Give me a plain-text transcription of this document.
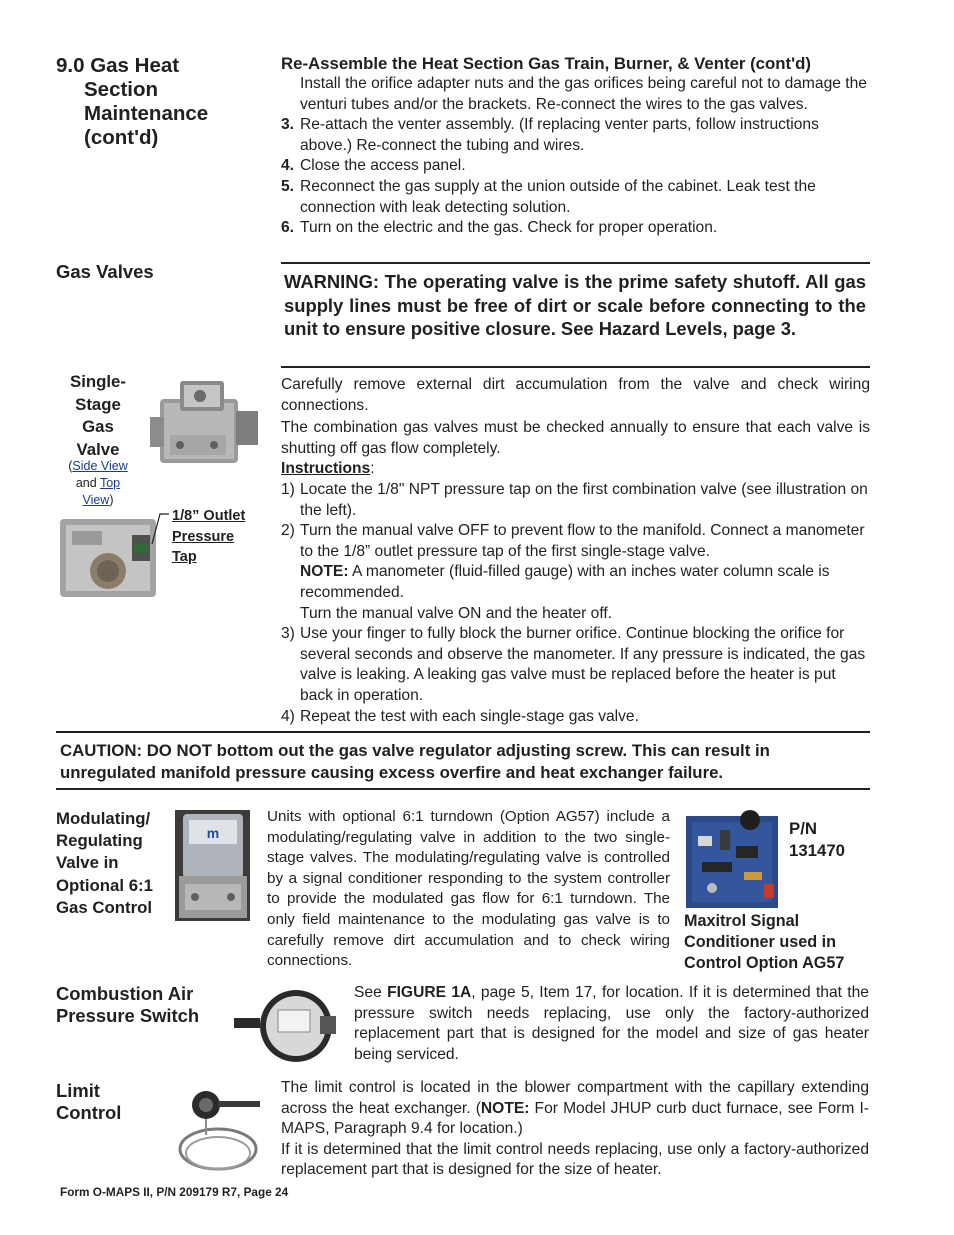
9.0 Gas Heat
Section
Maintenance
(cont'd)
Re-Assemble the Heat Section Gas Train, Burner, & Venter (cont'd)
Install the orifice adapter nuts and the gas orifices being careful not to damage the venturi tubes and/or the brackets. Re-connect the wires to the gas valves.
3. Re-attach the venter assembly. (If replacing venter parts, follow instructions above.) Re-connect the tubing and wires.
4. Close the access panel.
5. Reconnect the gas supply at the union outside of the cabinet. Leak test the connection with leak detecting solution.
6. Turn on the electric and the gas. Check for proper operation.
Gas Valves	WARNING: The operating valve is the prime safety shutoff. All gas supply lines must be free of dirt or scale before connecting to the unit to ensure positive closure. See Hazard Levels, page 3.
Single-
Stage
Gas
Valve
(Side View
and Top
View)
1/8” Outlet
Pressure
Tap
Carefully remove external dirt accumulation from the valve and check wiring connections.
The combination gas valves must be checked annually to ensure that each valve is shutting off gas flow completely.
Instructions:
1) Locate the 1/8" NPT pressure tap on the first combination valve (see illustration on the left).
2) Turn the manual valve OFF to prevent flow to the manifold. Connect a manometer to the 1/8” outlet pressure tap of the first single-stage valve.
NOTE: A manometer (fluid-filled gauge) with an inches water column scale is recommended.
Turn the manual valve ON and the heater off.
3) Use your finger to fully block the burner orifice. Continue blocking the orifice for several seconds and observe the manometer. If any pressure is indicated, the gas valve is leaking. A leaking gas valve must be replaced before the heater is put back in operation.
4) Repeat the test with each single-stage gas valve.
CAUTION: DO NOT bottom out the gas valve regulator adjusting screw. This can result in unregulated manifold pressure causing excess overfire and heat exchanger failure.
Modulating/
Regulating
Valve in
Optional 6:1
Gas Control
m
Units with optional 6:1 turndown (Option AG57) include a modulating/regulating valve in addition to the two single-stage valves. The modulating/regulating valve is controlled by a signal conditioner responding to the system controller to provide the modulated gas flow for 6:1 turndown. The only field maintenance to the modulating gas valve is to carefully remove dirt accumulation and to check wiring connections.
P/N
131470
Maxitrol Signal
Conditioner used in
Control Option AG57
Combustion Air
Pressure Switch
See FIGURE 1A, page 5, Item 17, for location. If it is determined that the pressure switch needs replacing, use only the factory-authorized replacement part that is designed for the model and size of gas heater being serviced.
Limit
Control
The limit control is located in the blower compartment with the capillary extending across the heat exchanger. (NOTE: For Model JHUP curb duct furnace, see Form I-MAPS, Paragraph 9.4 for location.)
If it is determined that the limit control needs replacing, use only a factory-authorized replacement part that is designed for the size of heater.
Form O-MAPS II, P/N 209179 R7, Page 24
